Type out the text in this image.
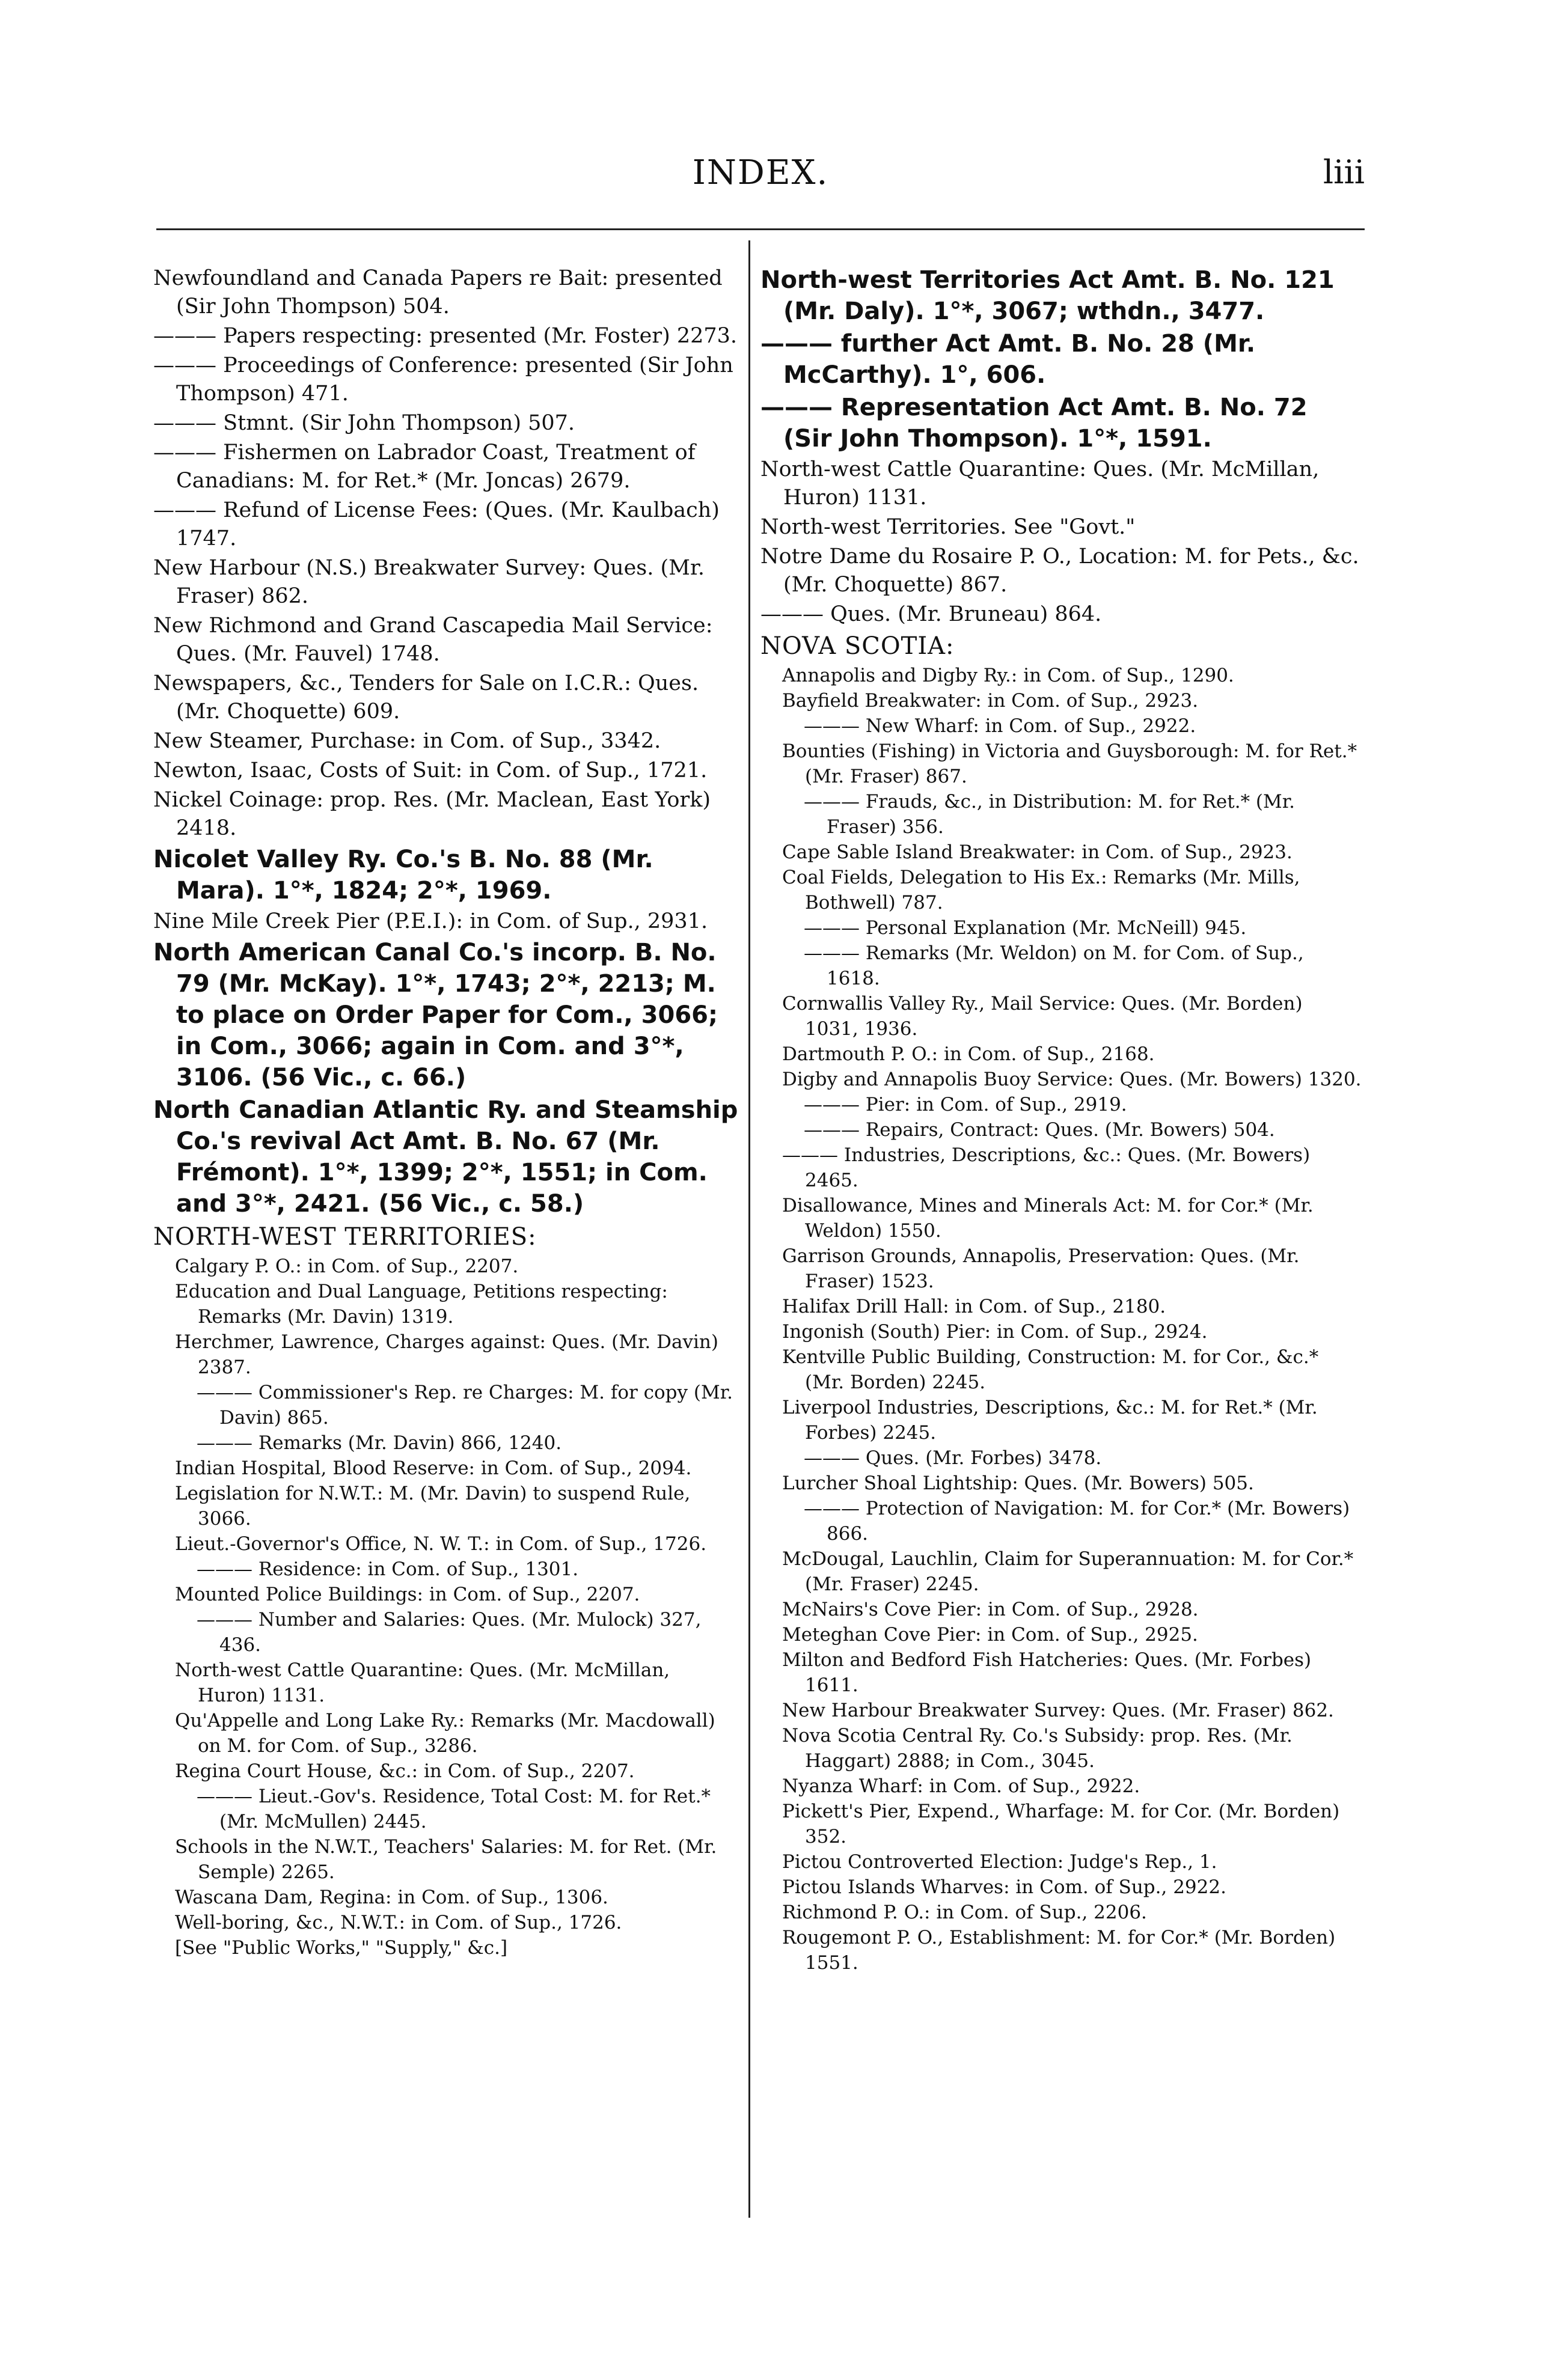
INDEX.	liii
Newfoundland and Canada Papers re Bait: presented (Sir John Thompson) 504.
——— Papers respecting: presented (Mr. Foster) 2273.
——— Proceedings of Conference: presented (Sir John Thompson) 471.
——— Stmnt. (Sir John Thompson) 507.
——— Fishermen on Labrador Coast, Treatment of Canadians: M. for Ret.* (Mr. Joncas) 2679.
——— Refund of License Fees: (Ques. (Mr. Kaulbach) 1747.
New Harbour (N.S.) Breakwater Survey: Ques. (Mr. Fraser) 862.
New Richmond and Grand Cascapedia Mail Service: Ques. (Mr. Fauvel) 1748.
Newspapers, &c., Tenders for Sale on I.C.R.: Ques. (Mr. Choquette) 609.
New Steamer, Purchase: in Com. of Sup., 3342.
Newton, Isaac, Costs of Suit: in Com. of Sup., 1721.
Nickel Coinage: prop. Res. (Mr. Maclean, East York) 2418.
Nicolet Valley Ry. Co.'s B. No. 88 (Mr. Mara). 1°*, 1824; 2°*, 1969.
Nine Mile Creek Pier (P.E.I.): in Com. of Sup., 2931.
North American Canal Co.'s incorp. B. No. 79 (Mr. McKay). 1°*, 1743; 2°*, 2213; M. to place on Order Paper for Com., 3066; in Com., 3066; again in Com. and 3°*, 3106. (56 Vic., c. 66.)
North Canadian Atlantic Ry. and Steamship Co.'s revival Act Amt. B. No. 67 (Mr. Frémont). 1°*, 1399; 2°*, 1551; in Com. and 3°*, 2421. (56 Vic., c. 58.)
NORTH-WEST TERRITORIES:
Calgary P. O.: in Com. of Sup., 2207.
Education and Dual Language, Petitions respecting: Remarks (Mr. Davin) 1319.
Herchmer, Lawrence, Charges against: Ques. (Mr. Davin) 2387.
——— Commissioner's Rep. re Charges: M. for copy (Mr. Davin) 865.
——— Remarks (Mr. Davin) 866, 1240.
Indian Hospital, Blood Reserve: in Com. of Sup., 2094.
Legislation for N.W.T.: M. (Mr. Davin) to suspend Rule, 3066.
Lieut.-Governor's Office, N. W. T.: in Com. of Sup., 1726.
——— Residence: in Com. of Sup., 1301.
Mounted Police Buildings: in Com. of Sup., 2207.
——— Number and Salaries: Ques. (Mr. Mulock) 327, 436.
North-west Cattle Quarantine: Ques. (Mr. McMillan, Huron) 1131.
Qu'Appelle and Long Lake Ry.: Remarks (Mr. Macdowall) on M. for Com. of Sup., 3286.
Regina Court House, &c.: in Com. of Sup., 2207.
——— Lieut.-Gov's. Residence, Total Cost: M. for Ret.* (Mr. McMullen) 2445.
Schools in the N.W.T., Teachers' Salaries: M. for Ret. (Mr. Semple) 2265.
Wascana Dam, Regina: in Com. of Sup., 1306.
Well-boring, &c., N.W.T.: in Com. of Sup., 1726.
[See "Public Works," "Supply," &c.]
North-west Territories Act Amt. B. No. 121 (Mr. Daly). 1°*, 3067; wthdn., 3477.
——— further Act Amt. B. No. 28 (Mr. McCarthy). 1°, 606.
——— Representation Act Amt. B. No. 72 (Sir John Thompson). 1°*, 1591.
North-west Cattle Quarantine: Ques. (Mr. McMillan, Huron) 1131.
North-west Territories. See "Govt."
Notre Dame du Rosaire P. O., Location: M. for Pets., &c. (Mr. Choquette) 867.
——— Ques. (Mr. Bruneau) 864.
NOVA SCOTIA:
Annapolis and Digby Ry.: in Com. of Sup., 1290.
Bayfield Breakwater: in Com. of Sup., 2923.
——— New Wharf: in Com. of Sup., 2922.
Bounties (Fishing) in Victoria and Guysborough: M. for Ret.* (Mr. Fraser) 867.
——— Frauds, &c., in Distribution: M. for Ret.* (Mr. Fraser) 356.
Cape Sable Island Breakwater: in Com. of Sup., 2923.
Coal Fields, Delegation to His Ex.: Remarks (Mr. Mills, Bothwell) 787.
——— Personal Explanation (Mr. McNeill) 945.
——— Remarks (Mr. Weldon) on M. for Com. of Sup., 1618.
Cornwallis Valley Ry., Mail Service: Ques. (Mr. Borden) 1031, 1936.
Dartmouth P. O.: in Com. of Sup., 2168.
Digby and Annapolis Buoy Service: Ques. (Mr. Bowers) 1320.
——— Pier: in Com. of Sup., 2919.
——— Repairs, Contract: Ques. (Mr. Bowers) 504.
——— Industries, Descriptions, &c.: Ques. (Mr. Bowers) 2465.
Disallowance, Mines and Minerals Act: M. for Cor.* (Mr. Weldon) 1550.
Garrison Grounds, Annapolis, Preservation: Ques. (Mr. Fraser) 1523.
Halifax Drill Hall: in Com. of Sup., 2180.
Ingonish (South) Pier: in Com. of Sup., 2924.
Kentville Public Building, Construction: M. for Cor., &c.* (Mr. Borden) 2245.
Liverpool Industries, Descriptions, &c.: M. for Ret.* (Mr. Forbes) 2245.
——— Ques. (Mr. Forbes) 3478.
Lurcher Shoal Lightship: Ques. (Mr. Bowers) 505.
——— Protection of Navigation: M. for Cor.* (Mr. Bowers) 866.
McDougal, Lauchlin, Claim for Superannuation: M. for Cor.* (Mr. Fraser) 2245.
McNairs's Cove Pier: in Com. of Sup., 2928.
Meteghan Cove Pier: in Com. of Sup., 2925.
Milton and Bedford Fish Hatcheries: Ques. (Mr. Forbes) 1611.
New Harbour Breakwater Survey: Ques. (Mr. Fraser) 862.
Nova Scotia Central Ry. Co.'s Subsidy: prop. Res. (Mr. Haggart) 2888; in Com., 3045.
Nyanza Wharf: in Com. of Sup., 2922.
Pickett's Pier, Expend., Wharfage: M. for Cor. (Mr. Borden) 352.
Pictou Controverted Election: Judge's Rep., 1.
Pictou Islands Wharves: in Com. of Sup., 2922.
Richmond P. O.: in Com. of Sup., 2206.
Rougemont P. O., Establishment: M. for Cor.* (Mr. Borden) 1551.
